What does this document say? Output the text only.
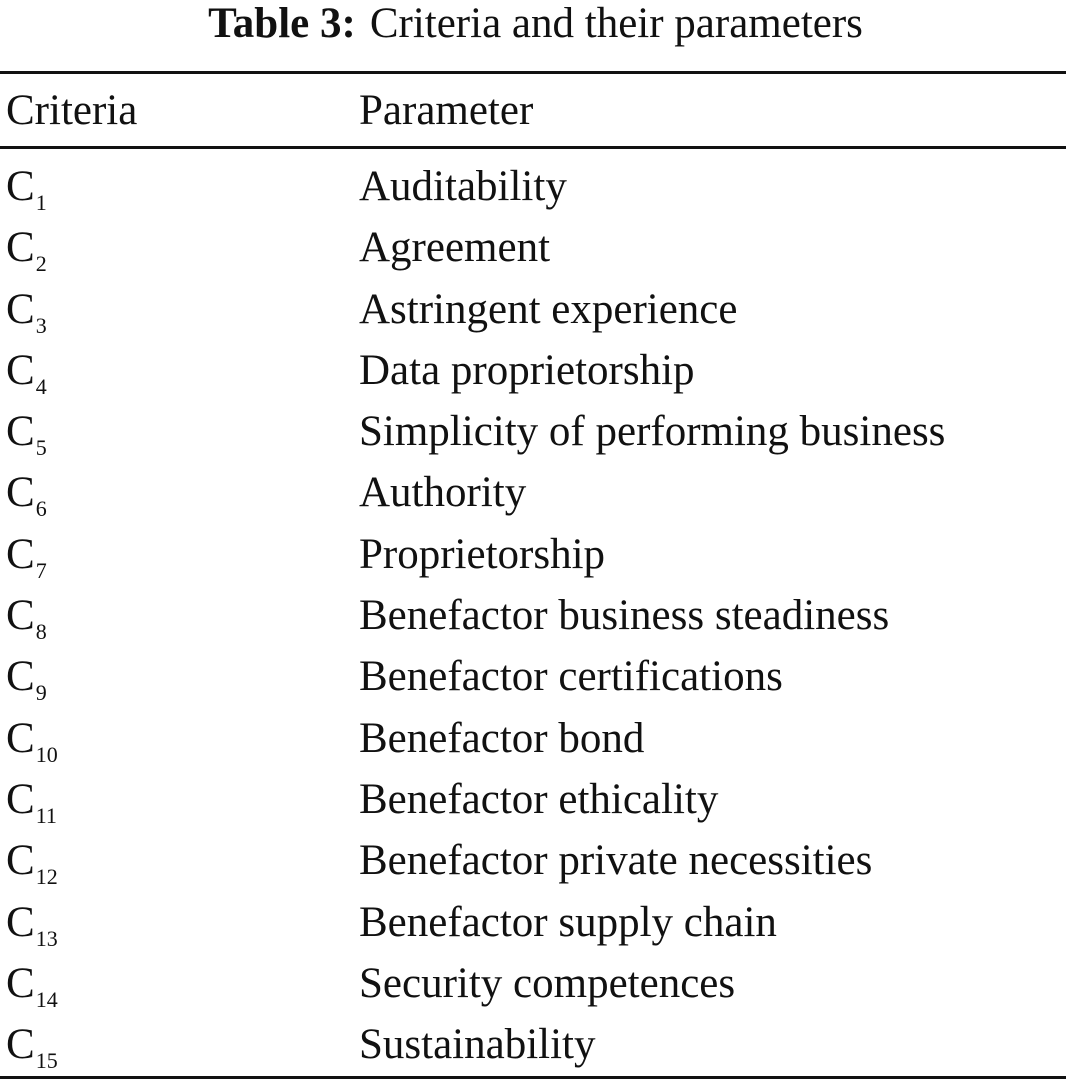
Table 3: Criteria and their parameters
Criteria	Parameter
$C_1$	Auditability
$C_2$	Agreement
$C_3$	Astringent experience
$C_4$	Data proprietorship
$C_5$	Simplicity of performing business
$C_6$	Authority
$C_7$	Proprietorship
$C_8$	Benefactor business steadiness
$C_9$	Benefactor certifications
$C_{10}$	Benefactor bond
$C_{11}$	Benefactor ethicality
$C_{12}$	Benefactor private necessities
$C_{13}$	Benefactor supply chain
$C_{14}$	Security competences
$C_{15}$	Sustainability
